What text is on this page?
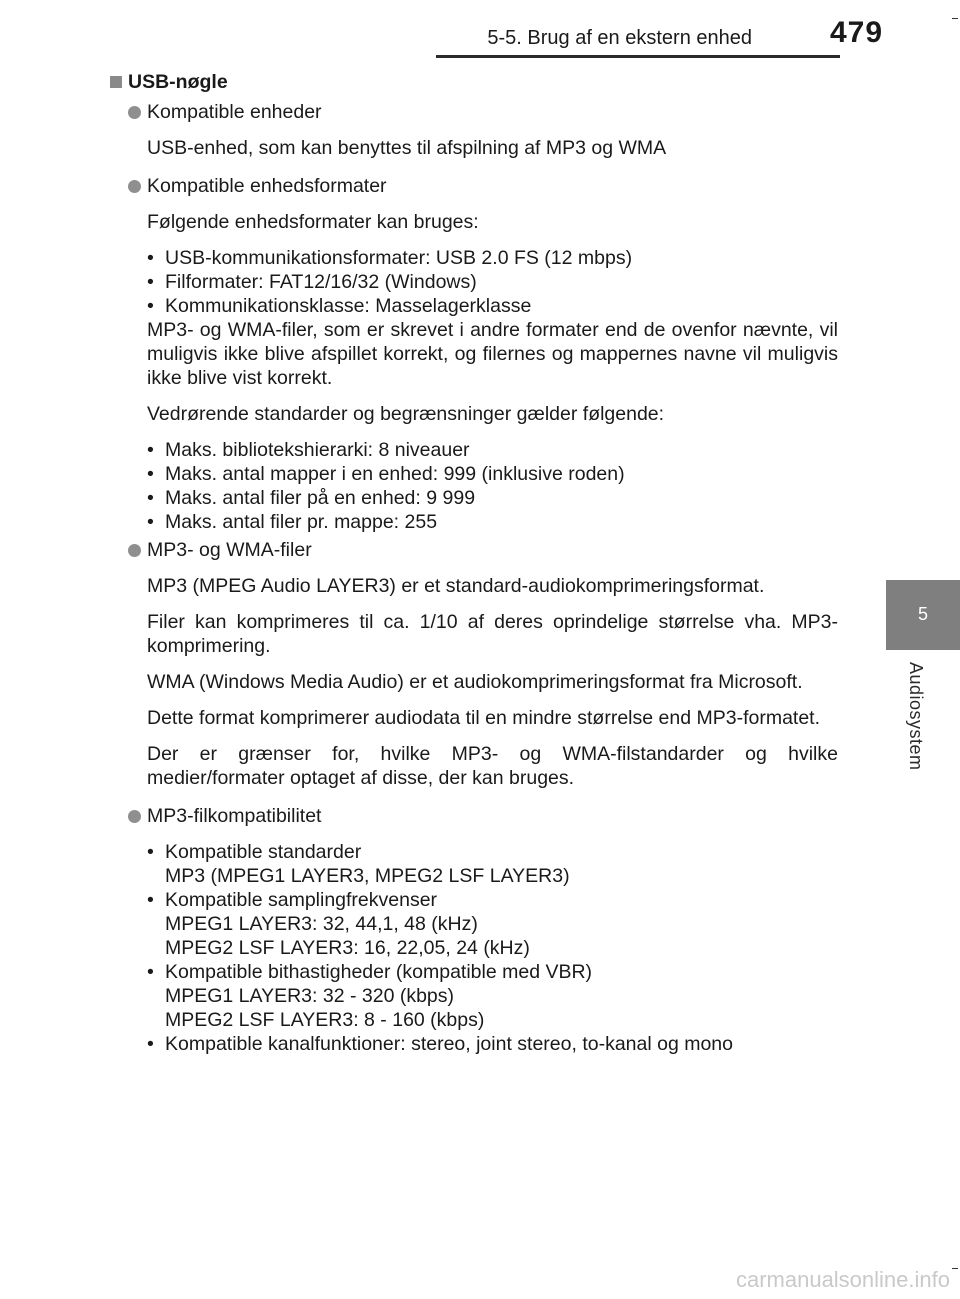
5-5. Brug af en ekstern enhed	479
5
Audiosystem
USB-nøgle
Kompatible enheder
USB-enhed, som kan benyttes til afspilning af MP3 og WMA
Kompatible enhedsformater
Følgende enhedsformater kan bruges:
• USB-kommunikationsformater: USB 2.0 FS (12 mbps)
• Filformater: FAT12/16/32 (Windows)
• Kommunikationsklasse: Masselagerklasse
MP3- og WMA-filer, som er skrevet i andre formater end de ovenfor nævnte, vil muligvis ikke blive afspillet korrekt, og filernes og mappernes navne vil muligvis ikke blive vist korrekt.
Vedrørende standarder og begrænsninger gælder følgende:
• Maks. bibliotekshierarki: 8 niveauer
• Maks. antal mapper i en enhed: 999 (inklusive roden)
• Maks. antal filer på en enhed: 9 999
• Maks. antal filer pr. mappe: 255
MP3- og WMA-filer
MP3 (MPEG Audio LAYER3) er et standard-audiokomprimeringsformat.
Filer kan komprimeres til ca. 1/10 af deres oprindelige størrelse vha. MP3-komprimering.
WMA (Windows Media Audio) er et audiokomprimeringsformat fra Microsoft.
Dette format komprimerer audiodata til en mindre størrelse end MP3-formatet.
Der er grænser for, hvilke MP3- og WMA-filstandarder og hvilke medier/formater optaget af disse, der kan bruges.
MP3-filkompatibilitet
• Kompatible standarder
MP3 (MPEG1 LAYER3, MPEG2 LSF LAYER3)
• Kompatible samplingfrekvenser
MPEG1 LAYER3: 32, 44,1, 48 (kHz)
MPEG2 LSF LAYER3: 16, 22,05, 24 (kHz)
• Kompatible bithastigheder (kompatible med VBR)
MPEG1 LAYER3: 32 - 320 (kbps)
MPEG2 LSF LAYER3: 8 - 160 (kbps)
• Kompatible kanalfunktioner: stereo, joint stereo, to-kanal og mono
carmanualsonline.info
